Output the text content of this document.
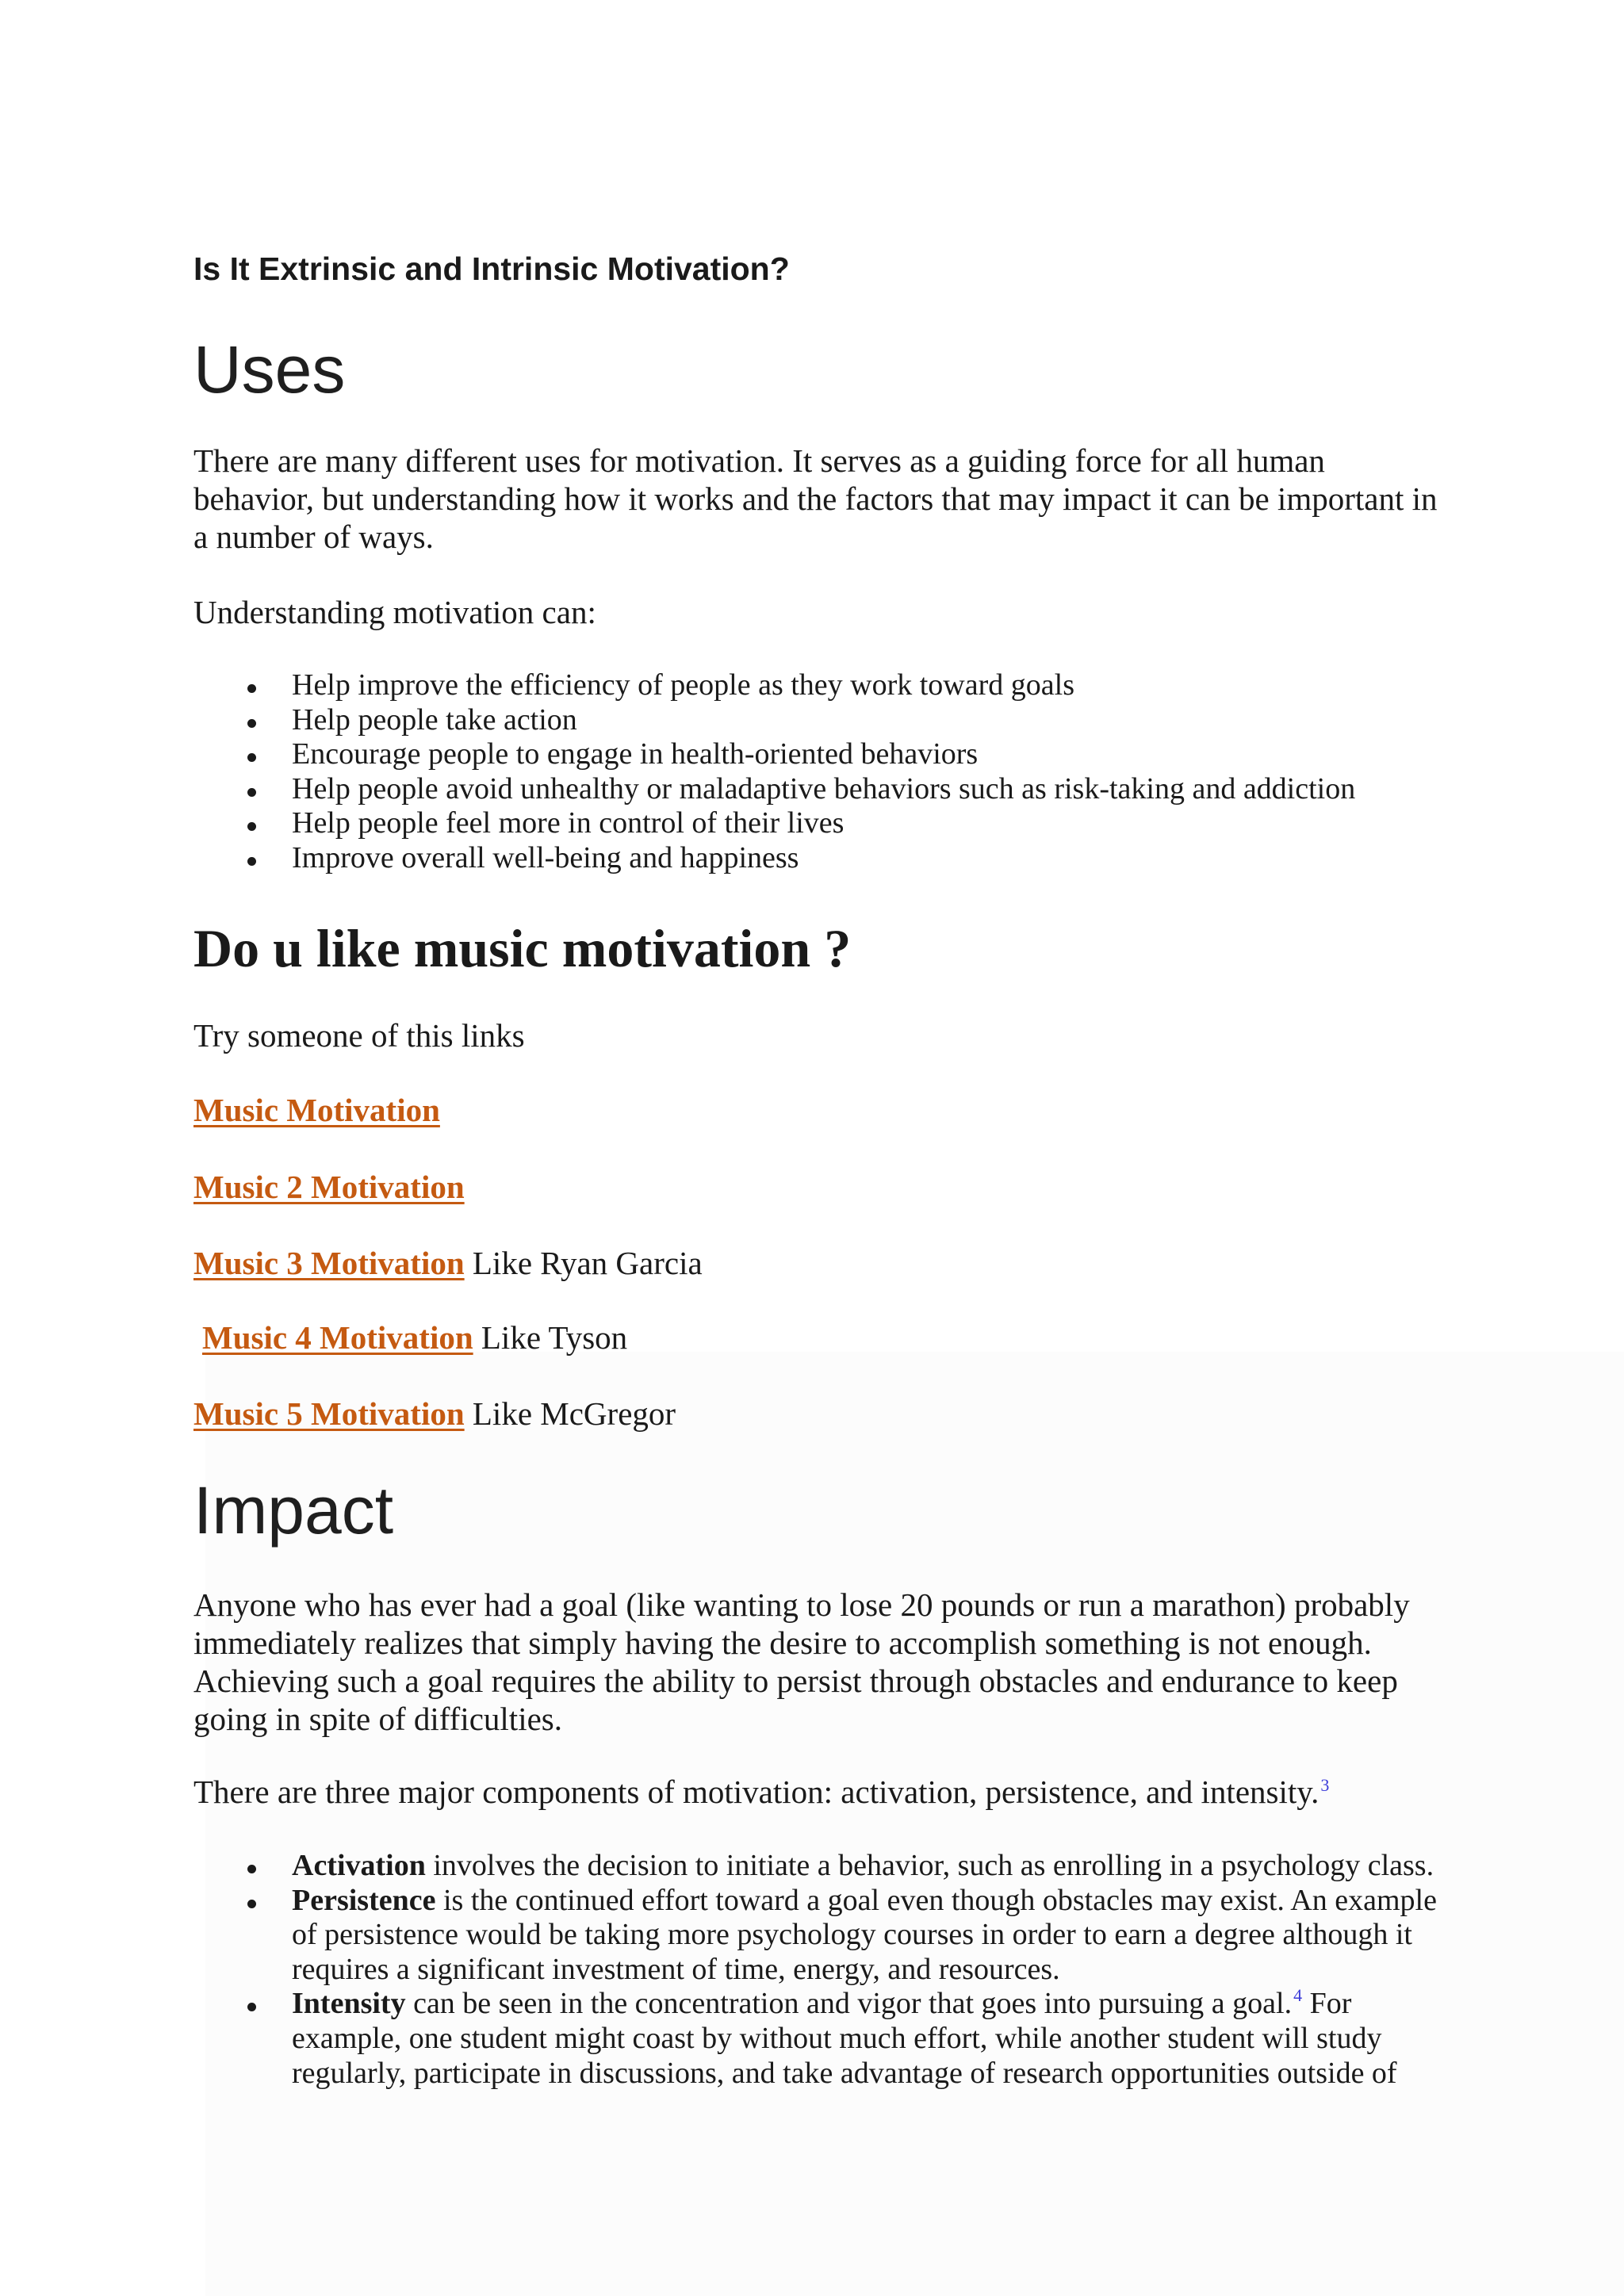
Is It Extrinsic and Intrinsic Motivation?
Uses

There are many different uses for motivation. It serves as a guiding force for all human behavior, but understanding how it works and the factors that may impact it can be important in a number of ways.

Understanding motivation can:

Help improve the efficiency of people as they work toward goals
Help people take action
Encourage people to engage in health-oriented behaviors
Help people avoid unhealthy or maladaptive behaviors such as risk-taking and addiction
Help people feel more in control of their lives
Improve overall well-being and happiness
Do u like music motivation ?

Try someone of this links

Music Motivation

Music 2 Motivation

Music 3 Motivation Like Ryan Garcia

Music 4 Motivation Like Tyson

Music 5 Motivation Like McGregor

Impact

Anyone who has ever had a goal (like wanting to lose 20 pounds or run a marathon) probably immediately realizes that simply having the desire to accomplish something is not enough. Achieving such a goal requires the ability to persist through obstacles and endurance to keep going in spite of difficulties.

There are three major components of motivation: activation, persistence, and intensity.$^3$

Activation involves the decision to initiate a behavior, such as enrolling in a psychology class.
Persistence is the continued effort toward a goal even though obstacles may exist. An example of persistence would be taking more psychology courses in order to earn a degree although it requires a significant investment of time, energy, and resources.
Intensity can be seen in the concentration and vigor that goes into pursuing a goal.$^4$ For example, one student might coast by without much effort, while another student will study regularly, participate in discussions, and take advantage of research opportunities outside of
